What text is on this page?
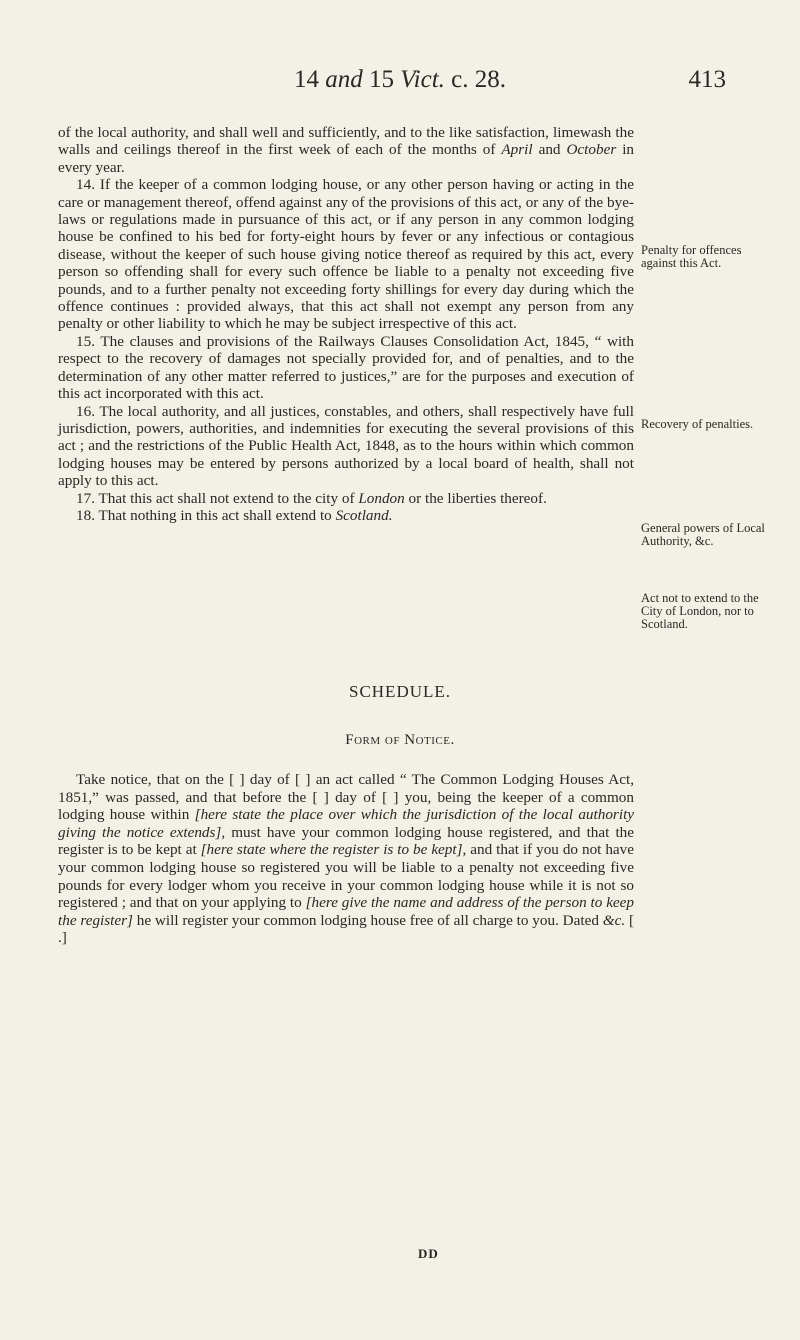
14 and 15 Vict. c. 28.	413

of the local authority, and shall well and sufficiently, and to the like satisfaction, limewash the walls and ceilings thereof in the first week of each of the months of April and October in every year.

14. If the keeper of a common lodging house, or any other person having or acting in the care or management thereof, offend against any of the provisions of this act, or any of the bye-laws or regulations made in pursuance of this act, or if any person in any common lodging house be confined to his bed for forty-eight hours by fever or any infectious or contagious disease, without the keeper of such house giving notice thereof as required by this act, every person so offending shall for every such offence be liable to a penalty not exceeding five pounds, and to a further penalty not exceeding forty shillings for every day during which the offence continues : provided always, that this act shall not exempt any person from any penalty or other liability to which he may be subject irrespective of this act.

15. The clauses and provisions of the Railways Clauses Consolidation Act, 1845, “ with respect to the recovery of damages not specially provided for, and of penalties, and to the determination of any other matter referred to justices,” are for the purposes and execution of this act incorporated with this act.

16. The local authority, and all justices, constables, and others, shall respectively have full jurisdiction, powers, authorities, and indemnities for executing the several provisions of this act ; and the restrictions of the Public Health Act, 1848, as to the hours within which common lodging houses may be entered by persons authorized by a local board of health, shall not apply to this act.

17. That this act shall not extend to the city of London or the liberties thereof.

18. That nothing in this act shall extend to Scotland.

Penalty for offences against this Act.
Recovery of penalties.
General powers of Local Authority, &c.
Act not to extend to the City of London, nor to Scotland.
SCHEDULE.
Form of Notice.

Take notice, that on the [ ] day of [ ] an act called “ The Common Lodging Houses Act, 1851,” was passed, and that before the [ ] day of [ ] you, being the keeper of a common lodging house within [here state the place over which the jurisdiction of the local authority giving the notice extends], must have your common lodging house registered, and that the register is to be kept at [here state where the register is to be kept], and that if you do not have your common lodging house so registered you will be liable to a penalty not exceeding five pounds for every lodger whom you receive in your common lodging house while it is not so registered ; and that on your applying to [here give the name and address of the person to keep the register] he will register your common lodging house free of all charge to you. Dated &c. [ .]

DD
